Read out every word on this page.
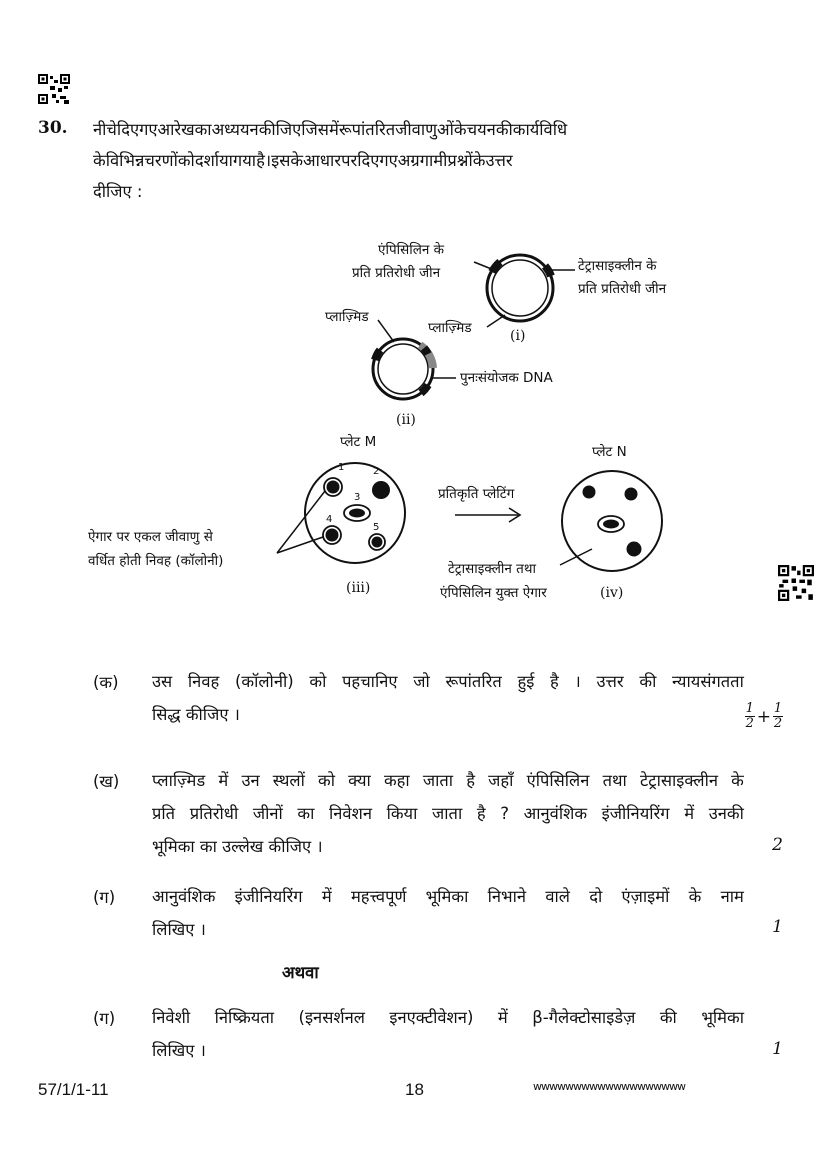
30. नीचेदिएगएआरेखकाअध्ययनकीजिएजिसमेंरूपांतरितजीवाणुओंकेचयनकीकार्यविधि
केविभिन्नचरणोंकोदर्शायागयाहै।इसकेआधारपरदिएगएअग्रगामीप्रश्नोंकेउत्तर
दीजिए :
एंपिसिलिन के
प्रति प्रतिरोधी जीन	टेट्रासाइक्लीन के
प्रति प्रतिरोधी जीन
प्लाज़्मिड	(i)
प्लाज़्मिड
पुनःसंयोजक DNA
(ii)
प्लेट M
1	2
3
4
5
ऐगार पर एकल जीवाणु से
वर्धित होती निवह (कॉलोनी)
(iii)
प्रतिकृति प्लेटिंग
प्लेट N
टेट्रासाइक्लीन तथा
एंपिसिलिन युक्त ऐगार	(iv)
(क) उस निवह (कॉलोनी) को पहचानिए जो रूपांतरित हुई है । उत्तर की न्यायसंगतता
सिद्ध कीजिए ।	$\frac{1}{2} + \frac{1}{2}$
(ख) प्लाज़्मिड में उन स्थलों को क्या कहा जाता है जहाँ एंपिसिलिन तथा टेट्रासाइक्लीन के
प्रति प्रतिरोधी जीनों का निवेशन किया जाता है ? आनुवंशिक इंजीनियरिंग में उनकी
भूमिका का उल्लेख कीजिए ।	2
(ग) आनुवंशिक इंजीनियरिंग में महत्त्वपूर्ण भूमिका निभाने वाले दो एंज़ाइमों के नाम
लिखिए ।	1
अथवा
(ग) निवेशी निष्क्रियता (इनसर्शनल इनएक्टीवेशन) में β-गैलेक्टोसाइडेज़ की भूमिका
लिखिए ।	1
57/1/1-11	18	wwwwwwwwwwwwwwwwwww
